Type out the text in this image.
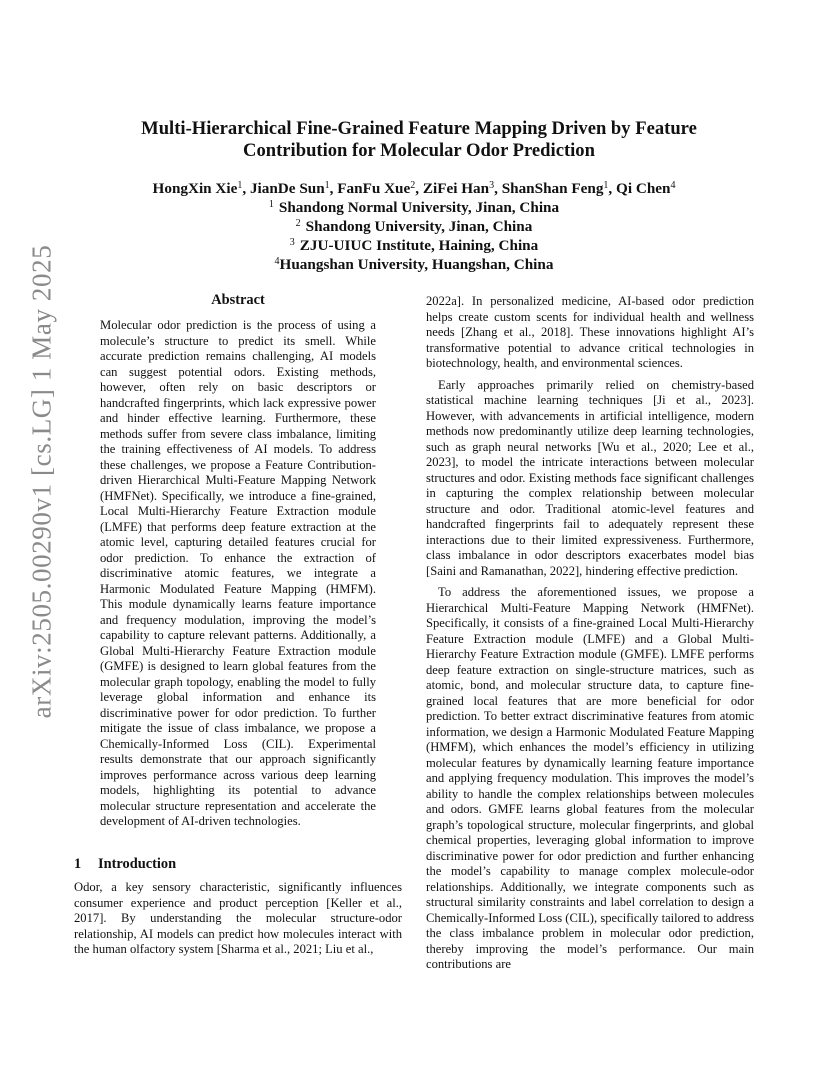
arXiv:2505.00290v1 [cs.LG] 1 May 2025
Multi-Hierarchical Fine-Grained Feature Mapping Driven by Feature
Contribution for Molecular Odor Prediction
HongXin Xie$^1$, JianDe Sun$^1$, FanFu Xue$^2$, ZiFei Han$^3$, ShanShan Feng$^1$, Qi Chen$^4$
$^1$ Shandong Normal University, Jinan, China
$^2$ Shandong University, Jinan, China
$^3$ ZJU-UIUC Institute, Haining, China
$^4$Huangshan University, Huangshan, China
Abstract
Molecular odor prediction is the process of using a molecule’s structure to predict its smell. While accurate prediction remains challenging, AI models can suggest potential odors. Existing methods, however, often rely on basic descriptors or handcrafted fingerprints, which lack expressive power and hinder effective learning. Furthermore, these methods suffer from severe class imbalance, limiting the training effectiveness of AI models. To address these challenges, we propose a Feature Contribution-driven Hierarchical Multi-Feature Mapping Network (HMFNet). Specifically, we introduce a fine-grained, Local Multi-Hierarchy Feature Extraction module (LMFE) that performs deep feature extraction at the atomic level, capturing detailed features crucial for odor prediction. To enhance the extraction of discriminative atomic features, we integrate a Harmonic Modulated Feature Mapping (HMFM). This module dynamically learns feature importance and frequency modulation, improving the model’s capability to capture relevant patterns. Additionally, a Global Multi-Hierarchy Feature Extraction module (GMFE) is designed to learn global features from the molecular graph topology, enabling the model to fully leverage global information and enhance its discriminative power for odor prediction. To further mitigate the issue of class imbalance, we propose a Chemically-Informed Loss (CIL). Experimental results demonstrate that our approach significantly improves performance across various deep learning models, highlighting its potential to advance molecular structure representation and accelerate the development of AI-driven technologies.
1 Introduction

Odor, a key sensory characteristic, significantly influences consumer experience and product perception [Keller et al., 2017]. By understanding the molecular structure-odor relationship, AI models can predict how molecules interact with the human olfactory system [Sharma et al., 2021; Liu et al.,

2022a]. In personalized medicine, AI-based odor prediction helps create custom scents for individual health and wellness needs [Zhang et al., 2018]. These innovations highlight AI’s transformative potential to advance critical technologies in biotechnology, health, and environmental sciences.

Early approaches primarily relied on chemistry-based statistical machine learning techniques [Ji et al., 2023]. However, with advancements in artificial intelligence, modern methods now predominantly utilize deep learning technologies, such as graph neural networks [Wu et al., 2020; Lee et al., 2023], to model the intricate interactions between molecular structures and odor. Existing methods face significant challenges in capturing the complex relationship between molecular structure and odor. Traditional atomic-level features and handcrafted fingerprints fail to adequately represent these interactions due to their limited expressiveness. Furthermore, class imbalance in odor descriptors exacerbates model bias [Saini and Ramanathan, 2022], hindering effective prediction.

To address the aforementioned issues, we propose a Hierarchical Multi-Feature Mapping Network (HMFNet). Specifically, it consists of a fine-grained Local Multi-Hierarchy Feature Extraction module (LMFE) and a Global Multi-Hierarchy Feature Extraction module (GMFE). LMFE performs deep feature extraction on single-structure matrices, such as atomic, bond, and molecular structure data, to capture fine-grained local features that are more beneficial for odor prediction. To better extract discriminative features from atomic information, we design a Harmonic Modulated Feature Mapping (HMFM), which enhances the model’s efficiency in utilizing molecular features by dynamically learning feature importance and applying frequency modulation. This improves the model’s ability to handle the complex relationships between molecules and odors. GMFE learns global features from the molecular graph’s topological structure, molecular fingerprints, and global chemical properties, leveraging global information to improve discriminative power for odor prediction and further enhancing the model’s capability to manage complex molecule-odor relationships. Additionally, we integrate components such as structural similarity constraints and label correlation to design a Chemically-Informed Loss (CIL), specifically tailored to address the class imbalance problem in molecular odor prediction, thereby improving the model’s performance. Our main contributions are
